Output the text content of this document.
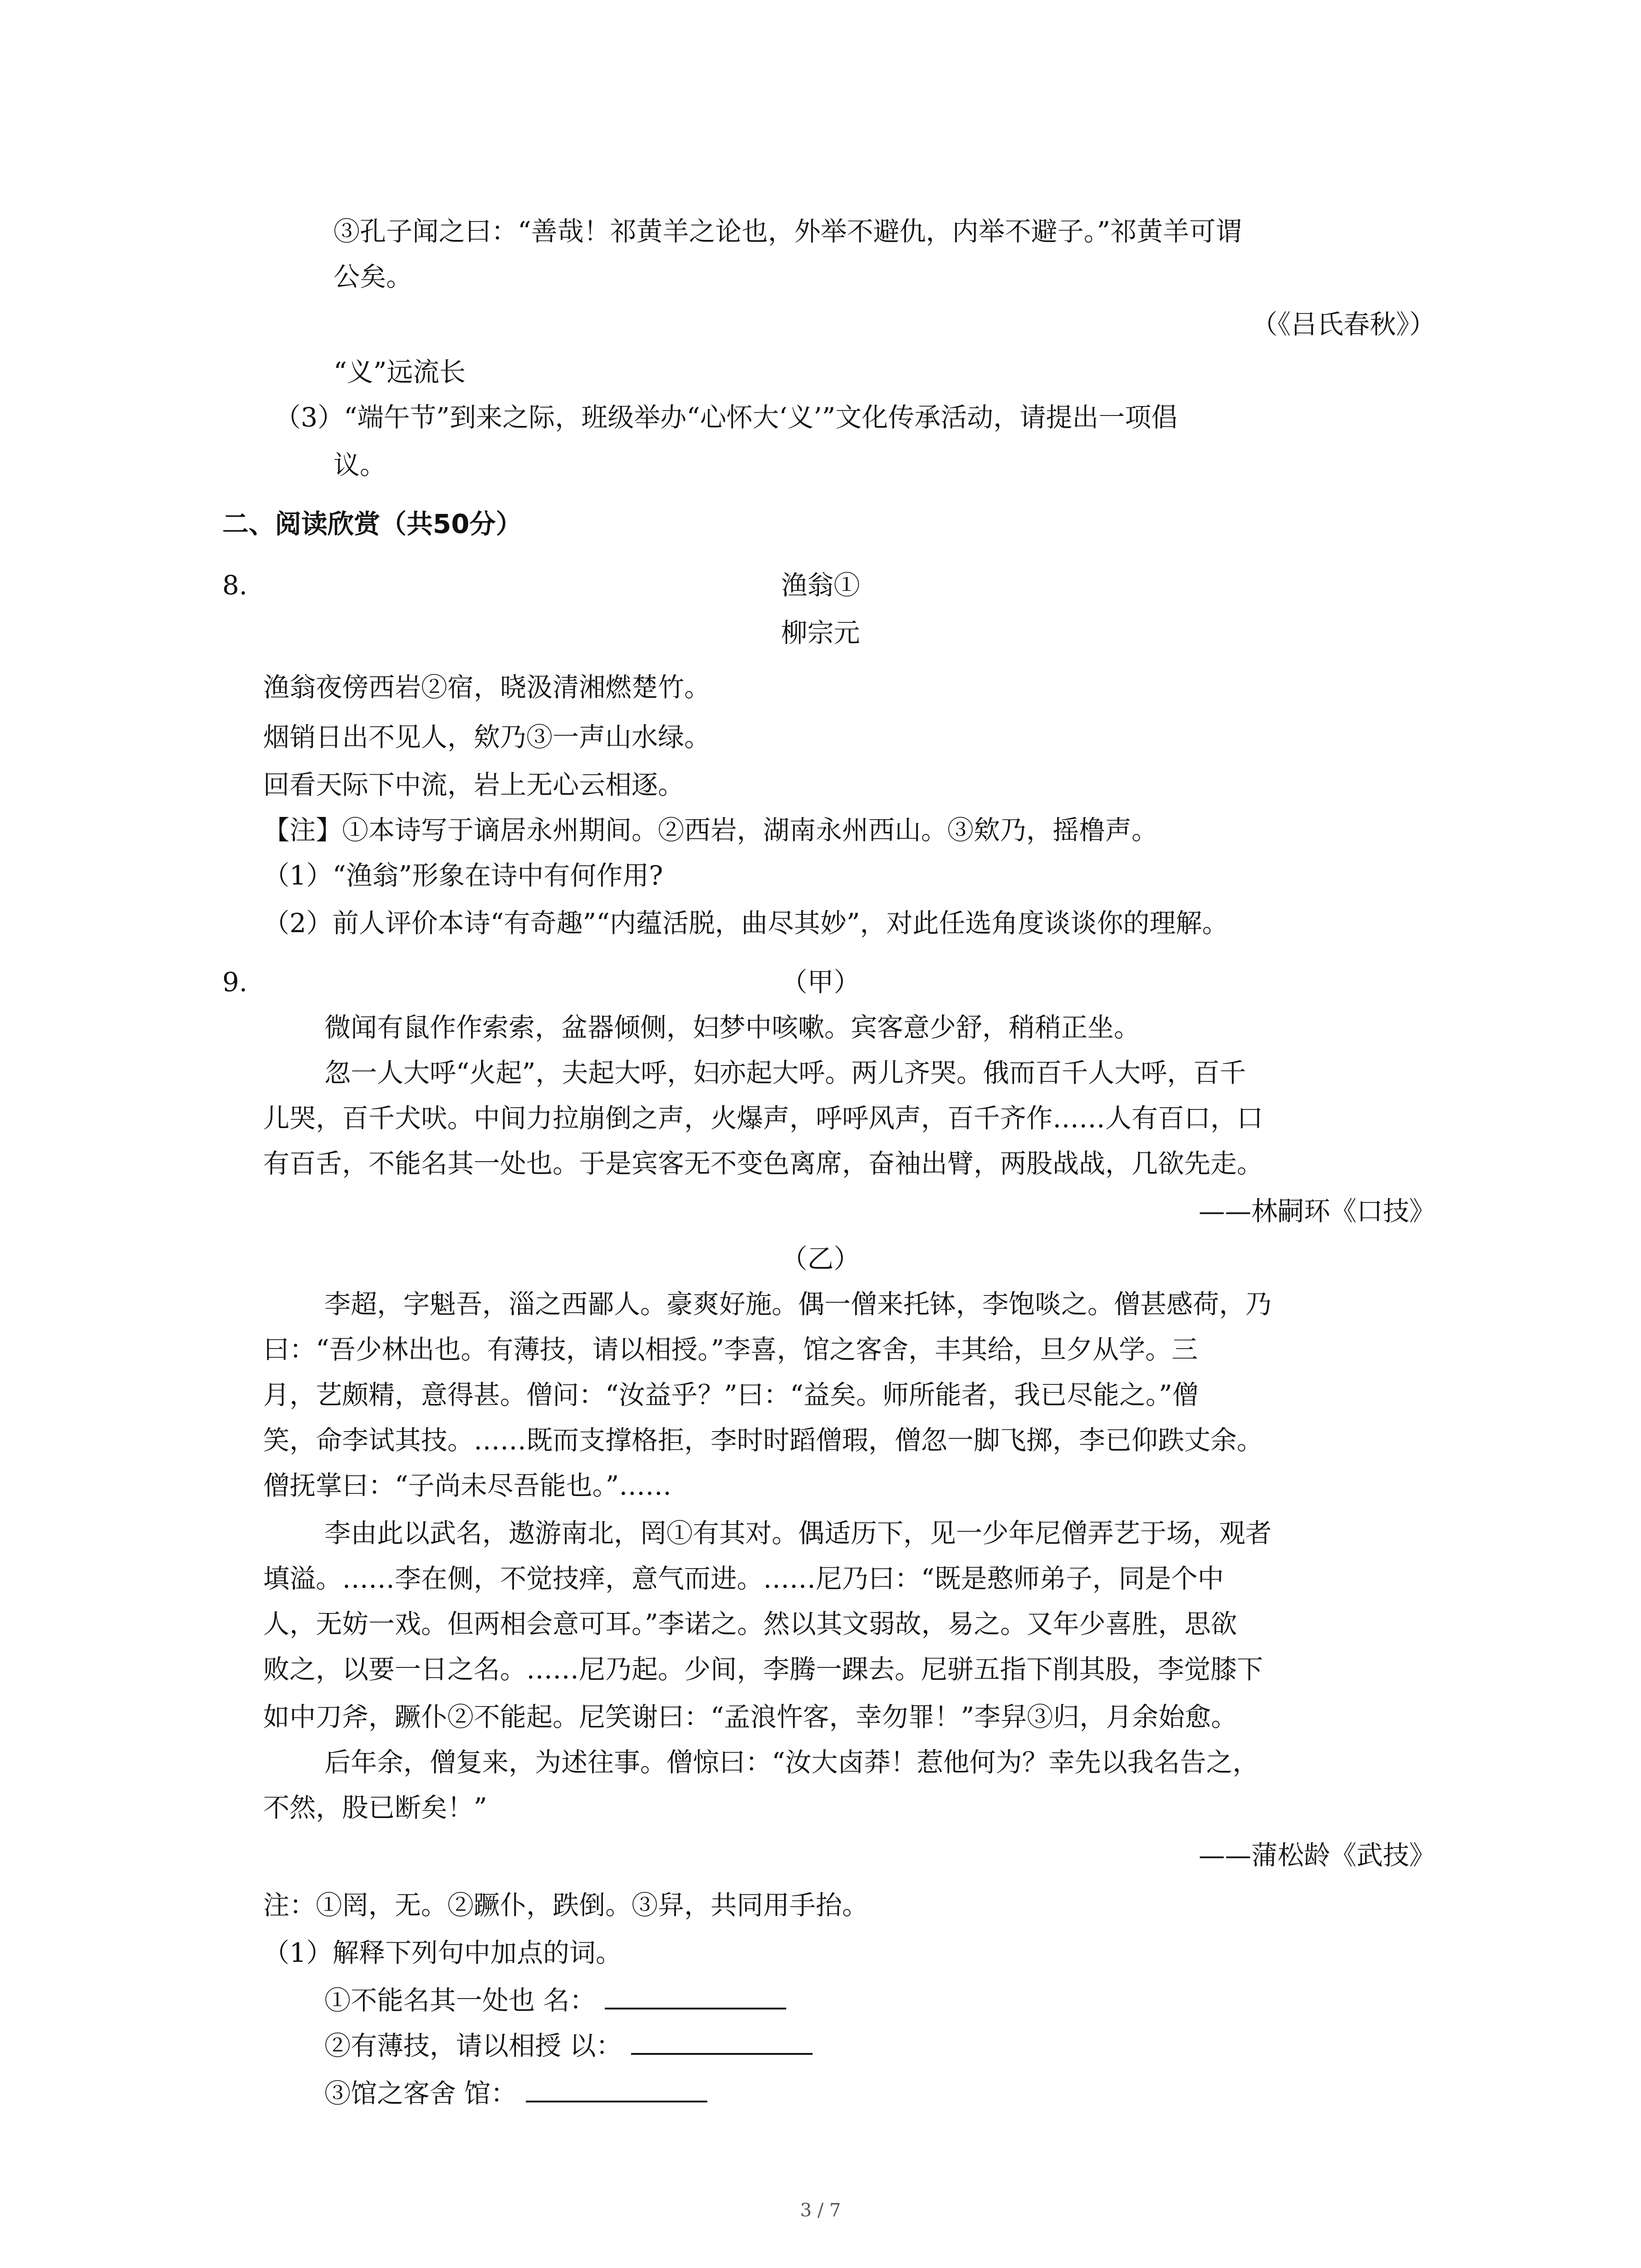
③孔子闻之曰：“善哉！祁黄羊之论也，外举不避仇，内举不避子。”祁黄羊可谓
公矣。
（《吕氏春秋》）
“义”远流长
（3）“端午节”到来之际，班级举办“心怀大‘义’”文化传承活动，请提出一项倡
议。
二、阅读欣赏（共50分）
8.	渔翁①
柳宗元
渔翁夜傍西岩②宿，晓汲清湘燃楚竹。
烟销日出不见人，欸乃③一声山水绿。
回看天际下中流，岩上无心云相逐。
【注】①本诗写于谪居永州期间。②西岩，湖南永州西山。③欸乃，摇橹声。
（1）“渔翁”形象在诗中有何作用?
（2）前人评价本诗“有奇趣”“内蕴活脱，曲尽其妙”，对此任选角度谈谈你的理解。
9.	（甲）
微闻有鼠作作索索，盆器倾侧，妇梦中咳嗽。宾客意少舒，稍稍正坐。
忽一人大呼“火起”，夫起大呼，妇亦起大呼。两儿齐哭。俄而百千人大呼，百千
儿哭，百千犬吠。中间力拉崩倒之声，火爆声，呼呼风声，百千齐作……人有百口，口
有百舌，不能名其一处也。于是宾客无不变色离席，奋袖出臂，两股战战，几欲先走。
——林嗣环《口技》
（乙）
李超，字魁吾，淄之西鄙人。豪爽好施。偶一僧来托钵，李饱啖之。僧甚感荷，乃
曰：“吾少林出也。有薄技，请以相授。”李喜，馆之客舍，丰其给，旦夕从学。三
月，艺颇精，意得甚。僧问：“汝益乎？”曰：“益矣。师所能者，我已尽能之。”僧
笑，命李试其技。……既而支撑格拒，李时时蹈僧瑕，僧忽一脚飞掷，李已仰跌丈余。
僧抚掌曰：“子尚未尽吾能也。”……
李由此以武名，遨游南北，罔①有其对。偶适历下，见一少年尼僧弄艺于场，观者
填溢。……李在侧，不觉技痒，意气而进。……尼乃曰：“既是憨师弟子，同是个中
人，无妨一戏。但两相会意可耳。”李诺之。然以其文弱故，易之。又年少喜胜，思欲
败之，以要一日之名。……尼乃起。少间，李腾一踝去。尼骈五指下削其股，李觉膝下
如中刀斧，蹶仆②不能起。尼笑谢曰：“孟浪忤客，幸勿罪！”李舁③归，月余始愈。
后年余，僧复来，为述往事。僧惊曰：“汝大卤莽！惹他何为？幸先以我名告之，
不然，股已断矣！”
——蒲松龄《武技》
注：①罔，无。②蹶仆，跌倒。③舁，共同用手抬。
（1）解释下列句中加点的词。
①不能名其一处也 名：
②有薄技，请以相授 以：
③馆之客舍 馆：
3 / 7
